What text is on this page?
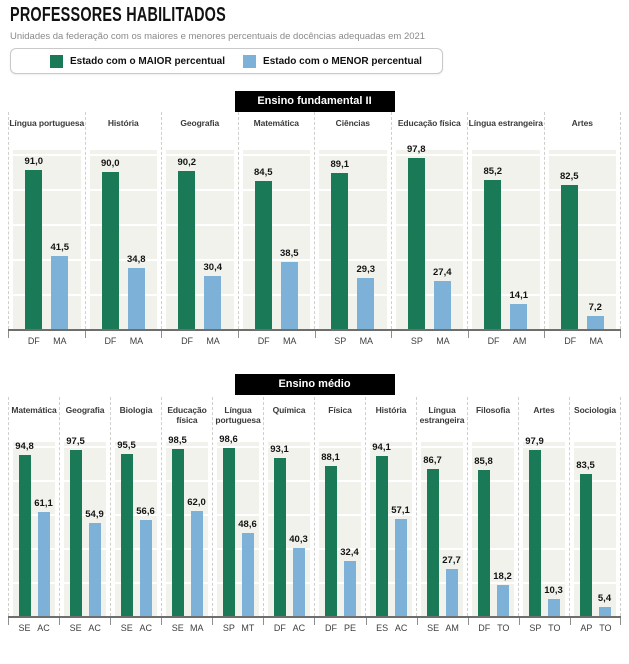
PROFESSORES HABILITADOS

Unidades da federação com os maiores e menores percentuais de docências adequadas em 2021

Estado com o MAIOR percentual	Estado com o MENOR percentual
Ensino fundamental II
Língua portuguesa
91,0
41,5
História
90,0
34,8
Geografia
90,2
30,4
Matemática
84,5
38,5
Ciências
89,1
29,3
Educação física
97,8
27,4
Língua estrangeira
85,2
14,1
Artes
82,5
7,2
DF MA	DF MA	DF MA	DF MA	SP MA	SP MA	DF AM	DF MA
Ensino médio
Matemática
94,8
61,1
Geografia
97,5
54,9
Biologia
95,5
56,6
Educação física
98,5
62,0
Língua portuguesa
98,6
48,6
Química
93,1
40,3
Física
88,1
32,4
História
94,1
57,1
Língua estrangeira
86,7
27,7
Filosofia
85,8
18,2
Artes
97,9
10,3
Sociologia
83,5
5,4
SE AC SE AC SE AC SE MA SP MT DF AC DF PE ES AC SE AM DF TO SP TO AP TO
